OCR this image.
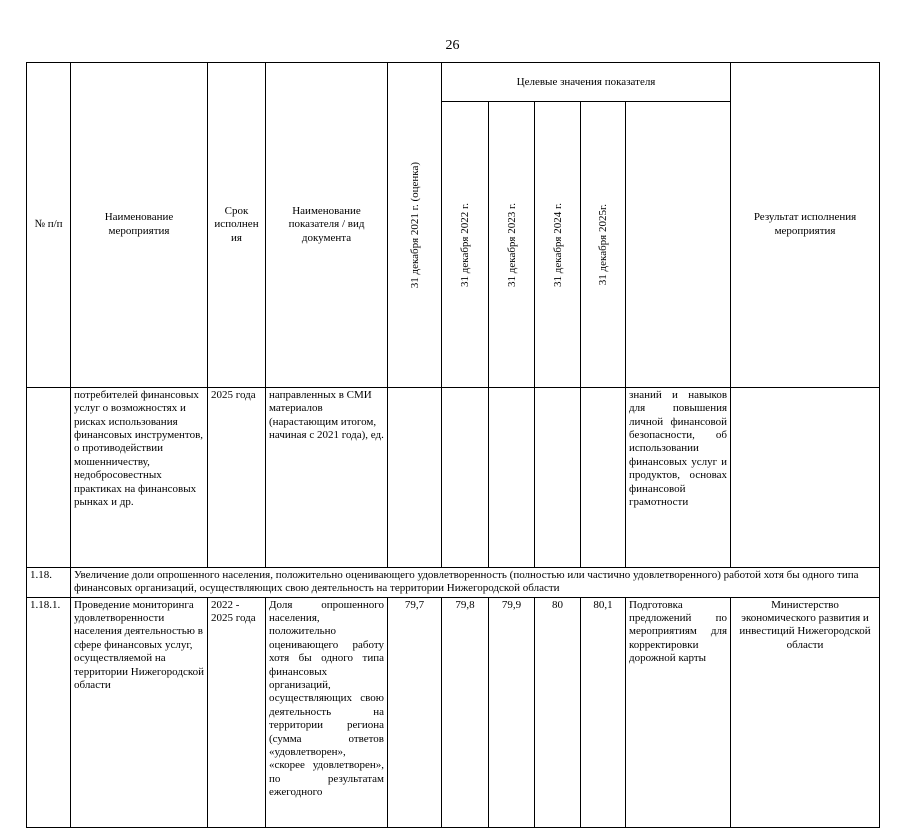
26
№ п/п	Наименование мероприятия	Срок исполнен ия	Наименование показателя / вид документа	31 декабря 2021 г. (оценка)	Целевые значения показателя					Результат исполнения мероприятия	

					31 декабря 2022 г.	31 декабря 2023 г.	31 декабря 2024 г.	31 декабря 2025г.			

	потребителей финансовых услуг о возможностях и рисках использования финансовых инструментов, о противодействии мошенничеству, недобросовестных практиках на финансовых рынках и др.	2025 года	направленных в СМИ материалов (нарастающим итогом, начиная с 2021 года), ед.						знаний и навыков для повышения личной финансовой безопасности, об использовании финансовых услуг и продуктов, основах финансовой грамотности		
1.18.	Увеличение доли опрошенного населения, положительно оценивающего удовлетворенность (полностью или частично удовлетворенного) работой хотя бы одного типа финансовых организаций, осуществляющих свою деятельность на территории Нижегородской области										
1.18.1.	Проведение мониторинга удовлетворенности населения деятельностью в сфере финансовых услуг, осуществляемой на территории Нижегородской области	2022 - 2025 года	Доля опрошенного населения, положительно оценивающего работу хотя бы одного типа финансовых организаций, осуществляющих свою деятельность на территории региона (сумма ответов «удовлетворен», «скорее удовлетворен», по результатам ежегодного	79,7	79,8	79,9	80	80,1	Подготовка предложений по мероприятиям для корректировки дорожной карты	Министерство экономического развития и инвестиций Нижегородской области	
